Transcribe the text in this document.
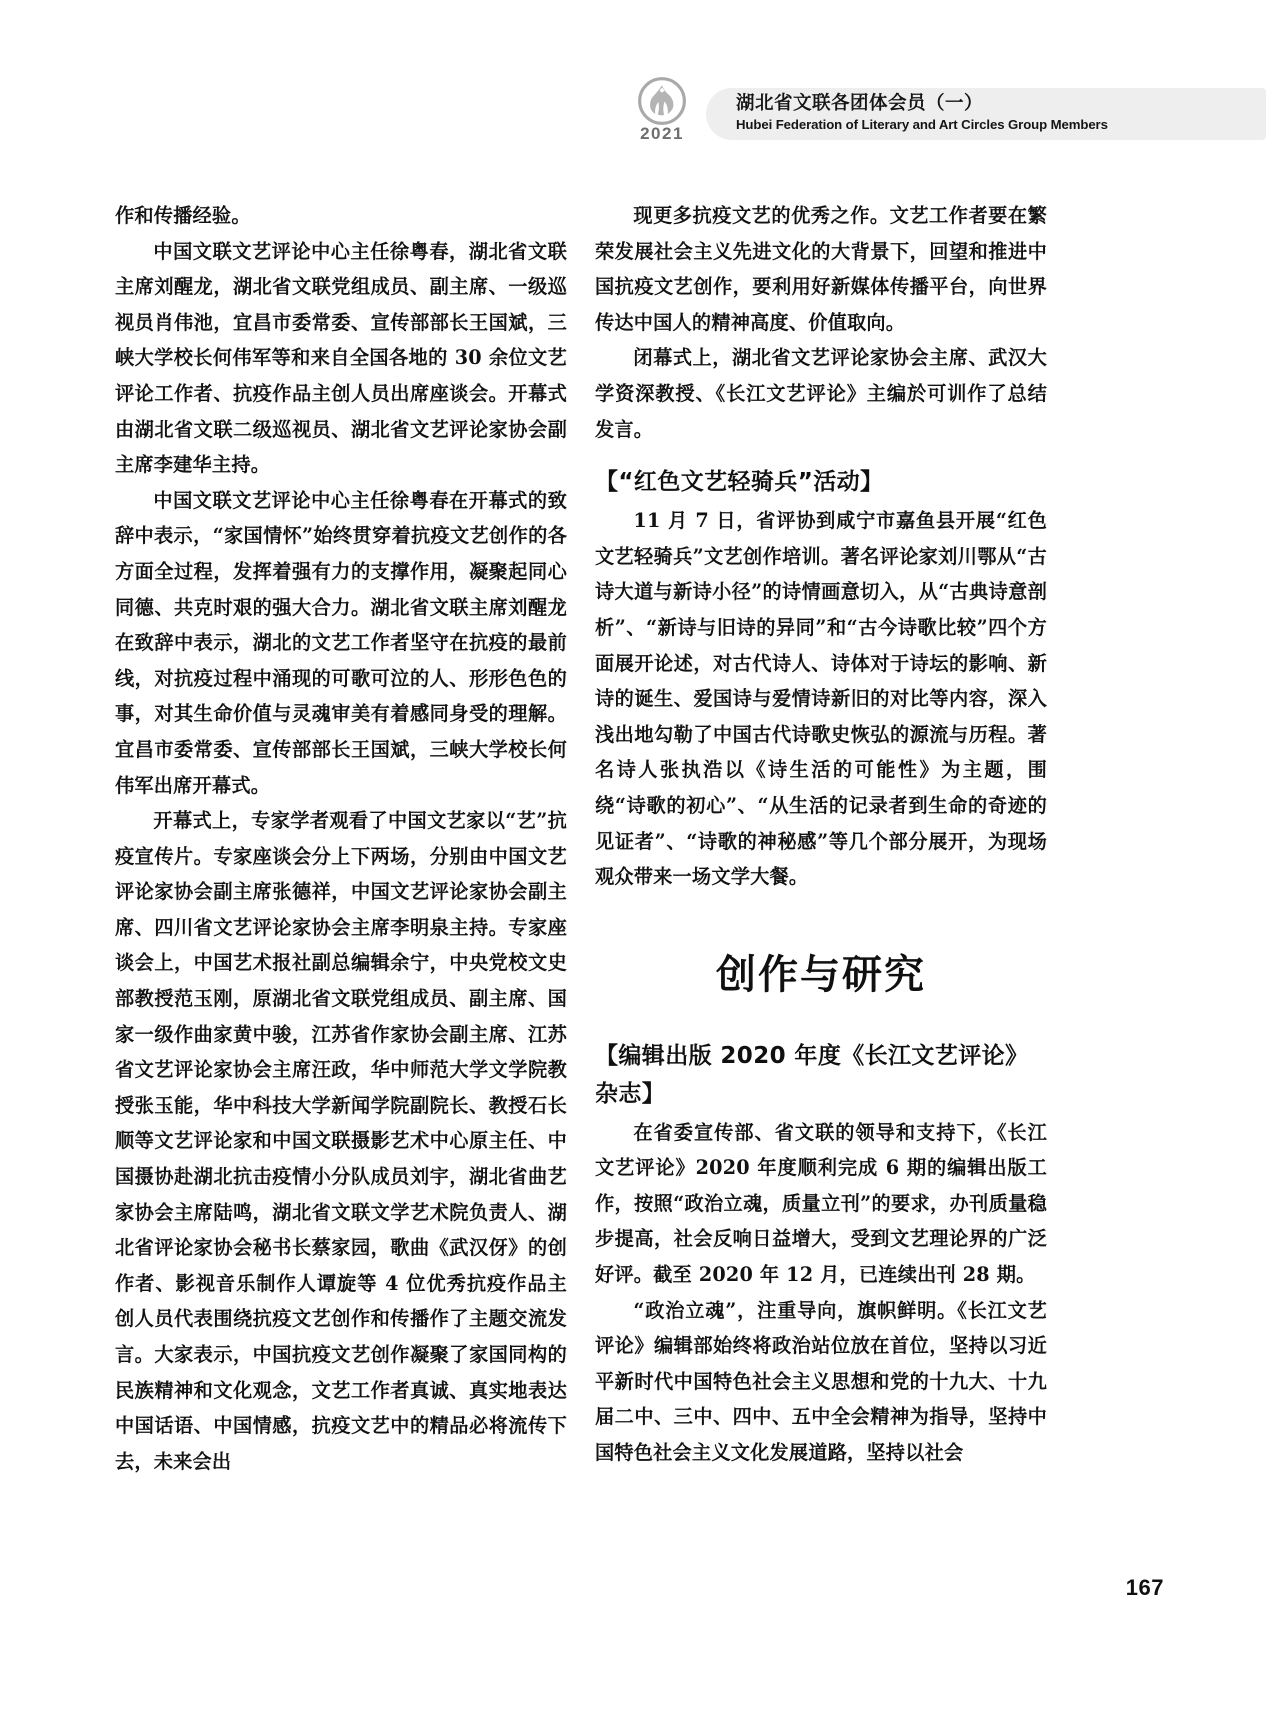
2021
湖北省文联各团体会员（一）
Hubei Federation of Literary and Art Circles Group Members

作和传播经验。

中国文联文艺评论中心主任徐粤春，湖北省文联主席刘醒龙，湖北省文联党组成员、副主席、一级巡视员肖伟池，宜昌市委常委、宣传部部长王国斌，三峡大学校长何伟军等和来自全国各地的 30 余位文艺评论工作者、抗疫作品主创人员出席座谈会。开幕式由湖北省文联二级巡视员、湖北省文艺评论家协会副主席李建华主持。

中国文联文艺评论中心主任徐粤春在开幕式的致辞中表示，“家国情怀”始终贯穿着抗疫文艺创作的各方面全过程，发挥着强有力的支撑作用，凝聚起同心同德、共克时艰的强大合力。湖北省文联主席刘醒龙在致辞中表示，湖北的文艺工作者坚守在抗疫的最前线，对抗疫过程中涌现的可歌可泣的人、形形色色的事，对其生命价值与灵魂审美有着感同身受的理解。宜昌市委常委、宣传部部长王国斌，三峡大学校长何伟军出席开幕式。

开幕式上，专家学者观看了中国文艺家以“艺”抗疫宣传片。专家座谈会分上下两场，分别由中国文艺评论家协会副主席张德祥，中国文艺评论家协会副主席、四川省文艺评论家协会主席李明泉主持。专家座谈会上，中国艺术报社副总编辑余宁，中央党校文史部教授范玉刚，原湖北省文联党组成员、副主席、国家一级作曲家黄中骏，江苏省作家协会副主席、江苏省文艺评论家协会主席汪政，华中师范大学文学院教授张玉能，华中科技大学新闻学院副院长、教授石长顺等文艺评论家和中国文联摄影艺术中心原主任、中国摄协赴湖北抗击疫情小分队成员刘宇，湖北省曲艺家协会主席陆鸣，湖北省文联文学艺术院负责人、湖北省评论家协会秘书长蔡家园，歌曲《武汉伢》的创作者、影视音乐制作人谭旋等 4 位优秀抗疫作品主创人员代表围绕抗疫文艺创作和传播作了主题交流发言。大家表示，中国抗疫文艺创作凝聚了家国同构的民族精神和文化观念，文艺工作者真诚、真实地表达中国话语、中国情感，抗疫文艺中的精品必将流传下去，未来会出

现更多抗疫文艺的优秀之作。文艺工作者要在繁荣发展社会主义先进文化的大背景下，回望和推进中国抗疫文艺创作，要利用好新媒体传播平台，向世界传达中国人的精神高度、价值取向。

闭幕式上，湖北省文艺评论家协会主席、武汉大学资深教授、《长江文艺评论》主编於可训作了总结发言。

【“红色文艺轻骑兵”活动】

11 月 7 日，省评协到咸宁市嘉鱼县开展“红色文艺轻骑兵”文艺创作培训。著名评论家刘川鄂从“古诗大道与新诗小径”的诗情画意切入，从“古典诗意剖析”、“新诗与旧诗的异同”和“古今诗歌比较”四个方面展开论述，对古代诗人、诗体对于诗坛的影响、新诗的诞生、爱国诗与爱情诗新旧的对比等内容，深入浅出地勾勒了中国古代诗歌史恢弘的源流与历程。著名诗人张执浩以《诗生活的可能性》为主题，围绕“诗歌的初心”、“从生活的记录者到生命的奇迹的见证者”、“诗歌的神秘感”等几个部分展开，为现场观众带来一场文学大餐。

创作与研究
【编辑出版 2020 年度《长江文艺评论》杂志】

在省委宣传部、省文联的领导和支持下，《长江文艺评论》2020 年度顺利完成 6 期的编辑出版工作，按照“政治立魂，质量立刊”的要求，办刊质量稳步提高，社会反响日益增大，受到文艺理论界的广泛好评。截至 2020 年 12 月，已连续出刊 28 期。

“政治立魂”，注重导向，旗帜鲜明。《长江文艺评论》编辑部始终将政治站位放在首位，坚持以习近平新时代中国特色社会主义思想和党的十九大、十九届二中、三中、四中、五中全会精神为指导，坚持中国特色社会主义文化发展道路，坚持以社会

167
